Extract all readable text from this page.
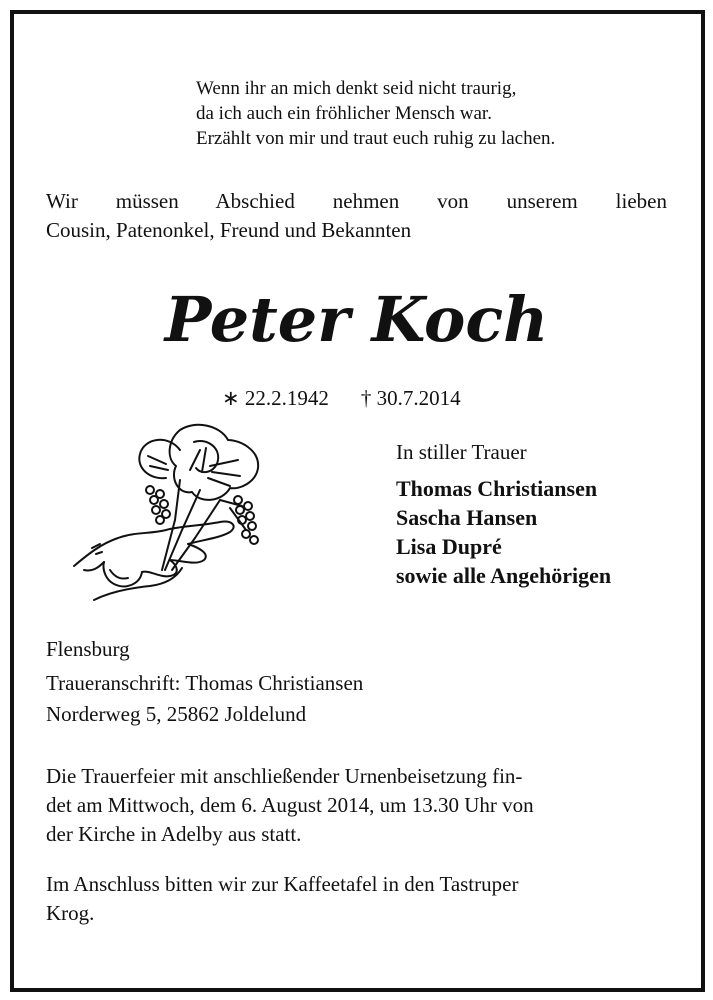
Wenn ihr an mich denkt seid nicht traurig,
da ich auch ein fröhlicher Mensch war.
Erzählt von mir und traut euch ruhig zu lachen.
Wir müssen Abschied nehmen von unserem lieben
Cousin, Patenonkel, Freund und Bekannten
Peter Koch
∗ 22.2.1942 † 30.7.2014
In stiller Trauer
Thomas Christiansen
Sascha Hansen
Lisa Dupré
sowie alle Angehörigen
Flensburg
Traueranschrift: Thomas Christiansen
Norderweg 5, 25862 Joldelund
Die Trauerfeier mit anschließender Urnenbeisetzung fin-
det am Mittwoch, dem 6. August 2014, um 13.30 Uhr von
der Kirche in Adelby aus statt.
Im Anschluss bitten wir zur Kaffeetafel in den Tastruper
Krog.
